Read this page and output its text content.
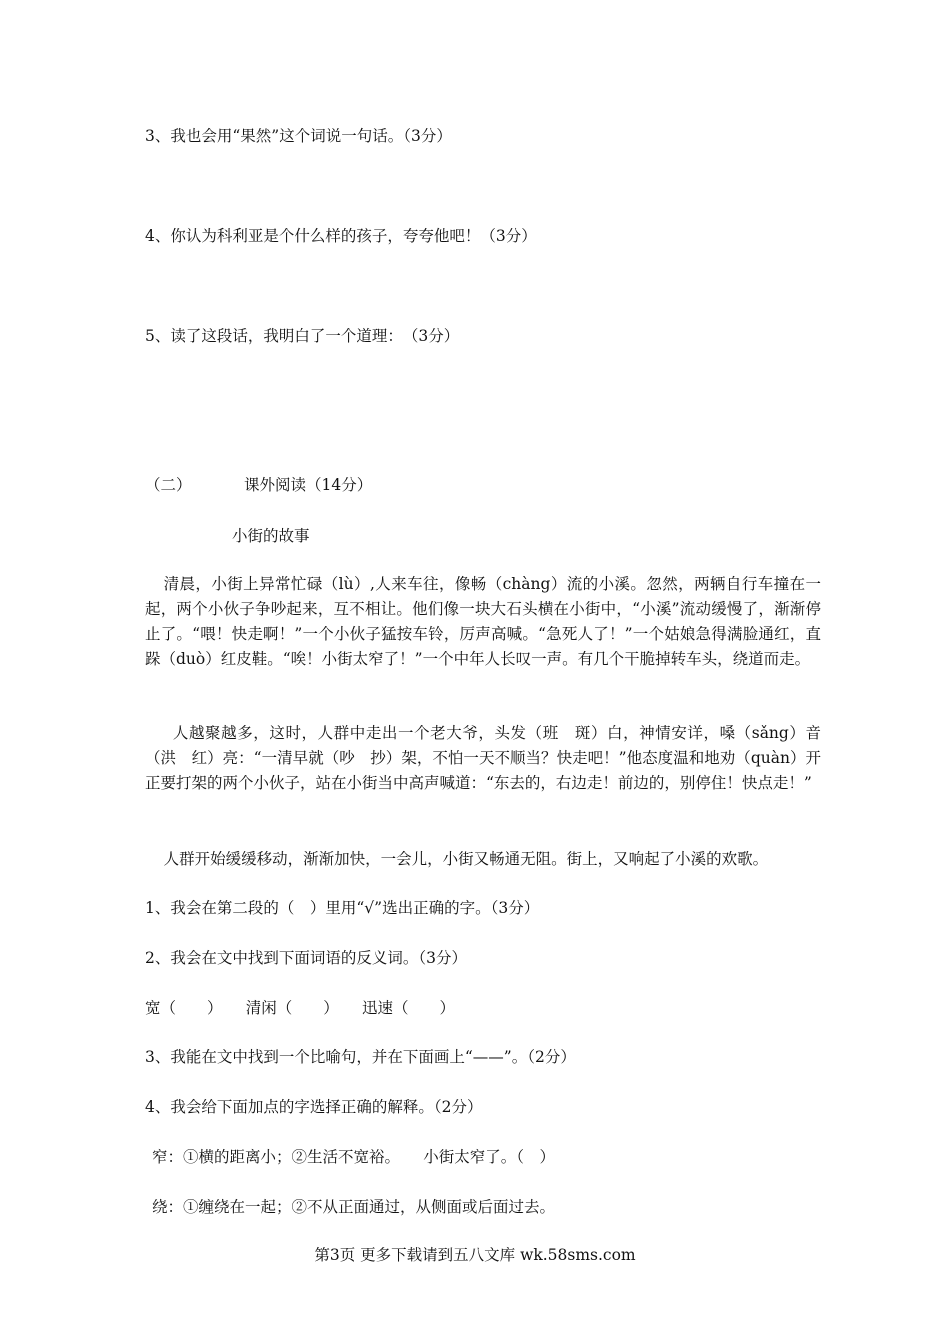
3、我也会用“果然”这个词说一句话。（3分）
4、你认为科利亚是个什么样的孩子，夸夸他吧！（3分）
5、读了这段话，我明白了一个道理：　（3分）
（二）	课外阅读（14分）
小街的故事
清晨，小街上异常忙碌（lù）,人来车往，像畅（chàng）流的小溪。忽然，两辆自行车撞在一起，两个小伙子争吵起来，互不相让。他们像一块大石头横在小街中，“小溪”流动缓慢了，渐渐停止了。“喂！快走啊！”一个小伙子猛按车铃，厉声高喊。“急死人了！”一个姑娘急得满脸通红，直跺（duò）红皮鞋。“唉！小街太窄了！”一个中年人长叹一声。有几个干脆掉转车头，绕道而走。
人越聚越多，这时，人群中走出一个老大爷，头发（班　斑）白，神情安详，嗓（sǎng）音（洪　红）亮：“一清早就（吵　抄）架，不怕一天不顺当？快走吧！”他态度温和地劝（quàn）开正要打架的两个小伙子，站在小街当中高声喊道：“东去的，右边走！前边的，别停住！快点走！”
人群开始缓缓移动，渐渐加快，一会儿，小街又畅通无阻。街上，又响起了小溪的欢歌。
1、我会在第二段的（　）里用“√”选出正确的字。（3分）
2、我会在文中找到下面词语的反义词。（3分）
宽（　　）　　清闲（　　）　　迅速（　　）
3、我能在文中找到一个比喻句，并在下面画上“——”。（2分）
4、我会给下面加点的字选择正确的解释。（2分）
窄：①横的距离小；②生活不宽裕。　　小街太窄了。（　）
绕：①缠绕在一起；②不从正面通过，从侧面或后面过去。
第3页 更多下载请到五八文库 wk.58sms.com
